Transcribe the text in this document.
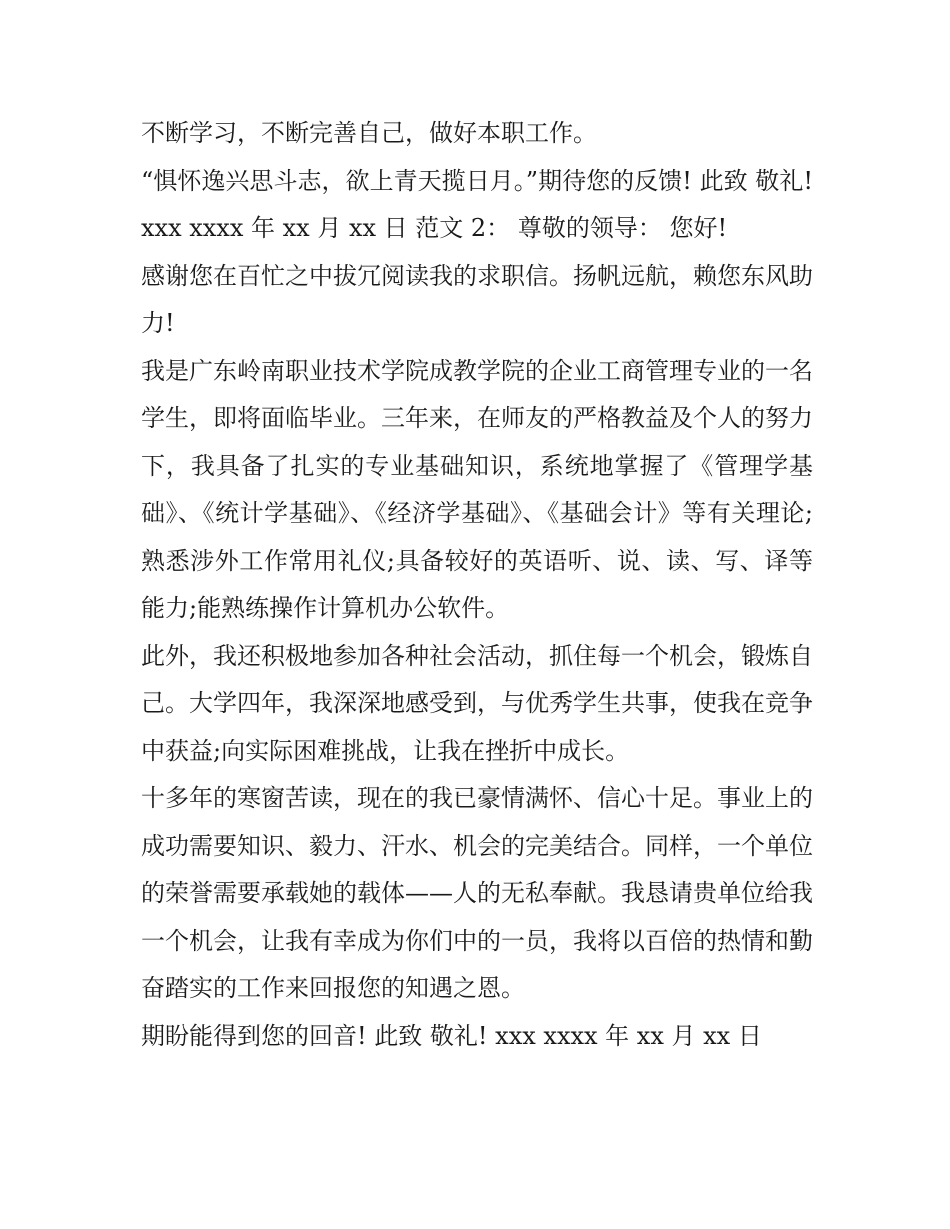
不断学习，不断完善自己，做好本职工作。

“惧怀逸兴思斗志，欲上青天揽日月。”期待您的反馈! 此致 敬礼! xxx xxxx 年 xx 月 xx 日 范文 2： 尊敬的领导： 您好!

感谢您在百忙之中拔冗阅读我的求职信。扬帆远航，赖您东风助力!

我是广东岭南职业技术学院成教学院的企业工商管理专业的一名学生，即将面临毕业。三年来，在师友的严格教益及个人的努力下，我具备了扎实的专业基础知识，系统地掌握了《管理学基础》、《统计学基础》、《经济学基础》、《基础会计》等有关理论;熟悉涉外工作常用礼仪;具备较好的英语听、说、读、写、译等能力;能熟练操作计算机办公软件。

此外，我还积极地参加各种社会活动，抓住每一个机会，锻炼自己。大学四年，我深深地感受到，与优秀学生共事，使我在竞争中获益;向实际困难挑战，让我在挫折中成长。

十多年的寒窗苦读，现在的我已豪情满怀、信心十足。事业上的成功需要知识、毅力、汗水、机会的完美结合。同样，一个单位的荣誉需要承载她的载体——人的无私奉献。我恳请贵单位给我一个机会，让我有幸成为你们中的一员，我将以百倍的热情和勤奋踏实的工作来回报您的知遇之恩。

期盼能得到您的回音! 此致 敬礼! xxx xxxx 年 xx 月 xx 日
